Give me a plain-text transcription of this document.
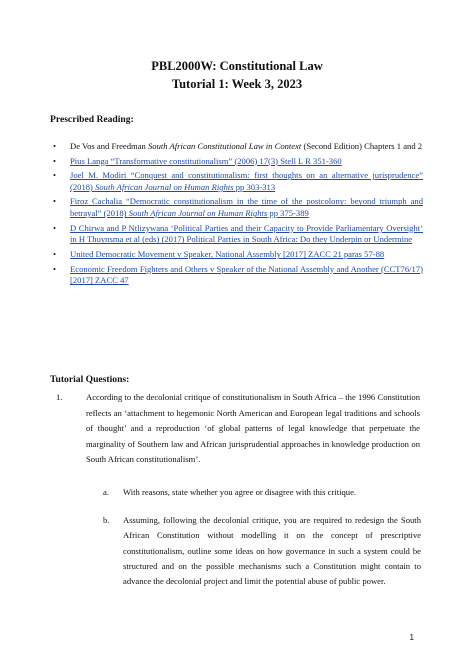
PBL2000W: Constitutional Law
Tutorial 1: Week 3, 2023
Prescribed Reading:
• De Vos and Freedman South African Constitutional Law in Context (Second Edition) Chapters 1 and 2
• Pius Langa “Transformative constitutionalism” (2006) 17(3) Stell L R 351-360
• Joel M. Modiri “Conquest and constitutionalism: first thoughts on an alternative jurisprudence” (2018) South African Journal on Human Rights pp 303-313
• Firoz Cachalia “Democratic constitutionalism in the time of the postcolony: beyond triumph and betrayal” (2018) South African Journal on Human Rights pp 375-389
• D Chirwa and P Ntlizywana ‘Political Parties and their Capacity to Provide Parliamentary Oversight’ in H Thuynsma et al (eds) (2017) Political Parties in South Africa: Do they Underpin or Undermine
• United Democratic Movement v Speaker, National Assembly [2017] ZACC 21 paras 57-88
• Economic Freedom Fighters and Others v Speaker of the National Assembly and Another (CCT76/17) [2017] ZACC 47
Tutorial Questions:
1.	According to the decolonial critique of constitutionalism in South Africa – the 1996 Constitution reflects an ‘attachment to hegemonic North American and European legal traditions and schools of thought’ and a reproduction ‘of global patterns of legal knowledge that perpetuate the marginality of Southern law and African jurisprudential approaches in knowledge production on South African constitutionalism’.
a. With reasons, state whether you agree or disagree with this critique.
b. Assuming, following the decolonial critique, you are required to redesign the South African Constitution without modelling it on the concept of prescriptive constitutionalism, outline some ideas on how governance in such a system could be structured and on the possible mechanisms such a Constitution might contain to advance the decolonial project and limit the potential abuse of public power.
1
